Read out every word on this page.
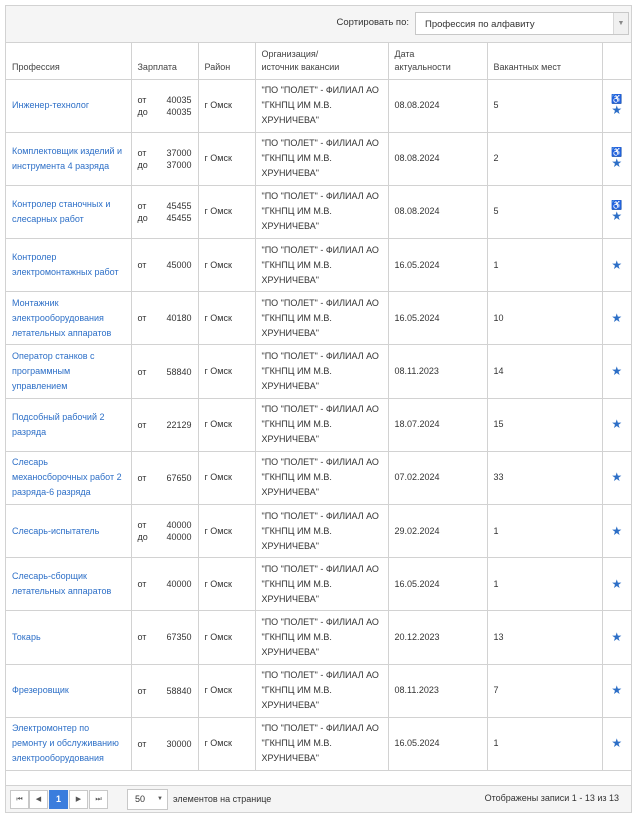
Сортировать по: Профессия по алфавиту	▼
Профессия	Зарплата	Район	Организация/
источник вакансии	Дата
актуальности	Вакантных мест	

Инженер-технолог	от 40035
до 40035	г Омск	"ПО "ПОЛЕТ" - ФИЛИАЛ АО "ГКНПЦ ИМ М.В. ХРУНИЧЕВА"	08.08.2024	5	♿
★

Комплектовщик изделий и инструмента 4 разряда	от 37000
до 37000	г Омск	"ПО "ПОЛЕТ" - ФИЛИАЛ АО "ГКНПЦ ИМ М.В. ХРУНИЧЕВА"	08.08.2024	2	♿
★

Контролер станочных и слесарных работ	от 45455
до 45455	г Омск	"ПО "ПОЛЕТ" - ФИЛИАЛ АО "ГКНПЦ ИМ М.В. ХРУНИЧЕВА"	08.08.2024	5	♿
★

Контролер электромонтажных работ	от 45000	г Омск	"ПО "ПОЛЕТ" - ФИЛИАЛ АО "ГКНПЦ ИМ М.В. ХРУНИЧЕВА"	16.05.2024	1	★

Монтажник электрооборудования летательных аппаратов	от 40180	г Омск	"ПО "ПОЛЕТ" - ФИЛИАЛ АО "ГКНПЦ ИМ М.В. ХРУНИЧЕВА"	16.05.2024	10	★

Оператор станков с программным управлением	от 58840	г Омск	"ПО "ПОЛЕТ" - ФИЛИАЛ АО "ГКНПЦ ИМ М.В. ХРУНИЧЕВА"	08.11.2023	14	★

Подсобный рабочий 2 разряда	от 22129	г Омск	"ПО "ПОЛЕТ" - ФИЛИАЛ АО "ГКНПЦ ИМ М.В. ХРУНИЧЕВА"	18.07.2024	15	★

Слесарь механосборочных работ 2 разряда-6 разряда	от 67650	г Омск	"ПО "ПОЛЕТ" - ФИЛИАЛ АО "ГКНПЦ ИМ М.В. ХРУНИЧЕВА"	07.02.2024	33	★

Слесарь-испытатель	от 40000
до 40000	г Омск	"ПО "ПОЛЕТ" - ФИЛИАЛ АО "ГКНПЦ ИМ М.В. ХРУНИЧЕВА"	29.02.2024	1	★

Слесарь-сборщик летательных аппаратов	от 40000	г Омск	"ПО "ПОЛЕТ" - ФИЛИАЛ АО "ГКНПЦ ИМ М.В. ХРУНИЧЕВА"	16.05.2024	1	★

Токарь	от 67350	г Омск	"ПО "ПОЛЕТ" - ФИЛИАЛ АО "ГКНПЦ ИМ М.В. ХРУНИЧЕВА"	20.12.2023	13	★

Фрезеровщик	от 58840	г Омск	"ПО "ПОЛЕТ" - ФИЛИАЛ АО "ГКНПЦ ИМ М.В. ХРУНИЧЕВА"	08.11.2023	7	★

Электромонтер по ремонту и обслуживанию электрооборудования	от 30000	г Омск	"ПО "ПОЛЕТ" - ФИЛИАЛ АО "ГКНПЦ ИМ М.В. ХРУНИЧЕВА"	16.05.2024	1	★
⏮	◀	1	▶	⏭	50 ▼ элементов на странице	Отображены записи 1 - 13 из 13
